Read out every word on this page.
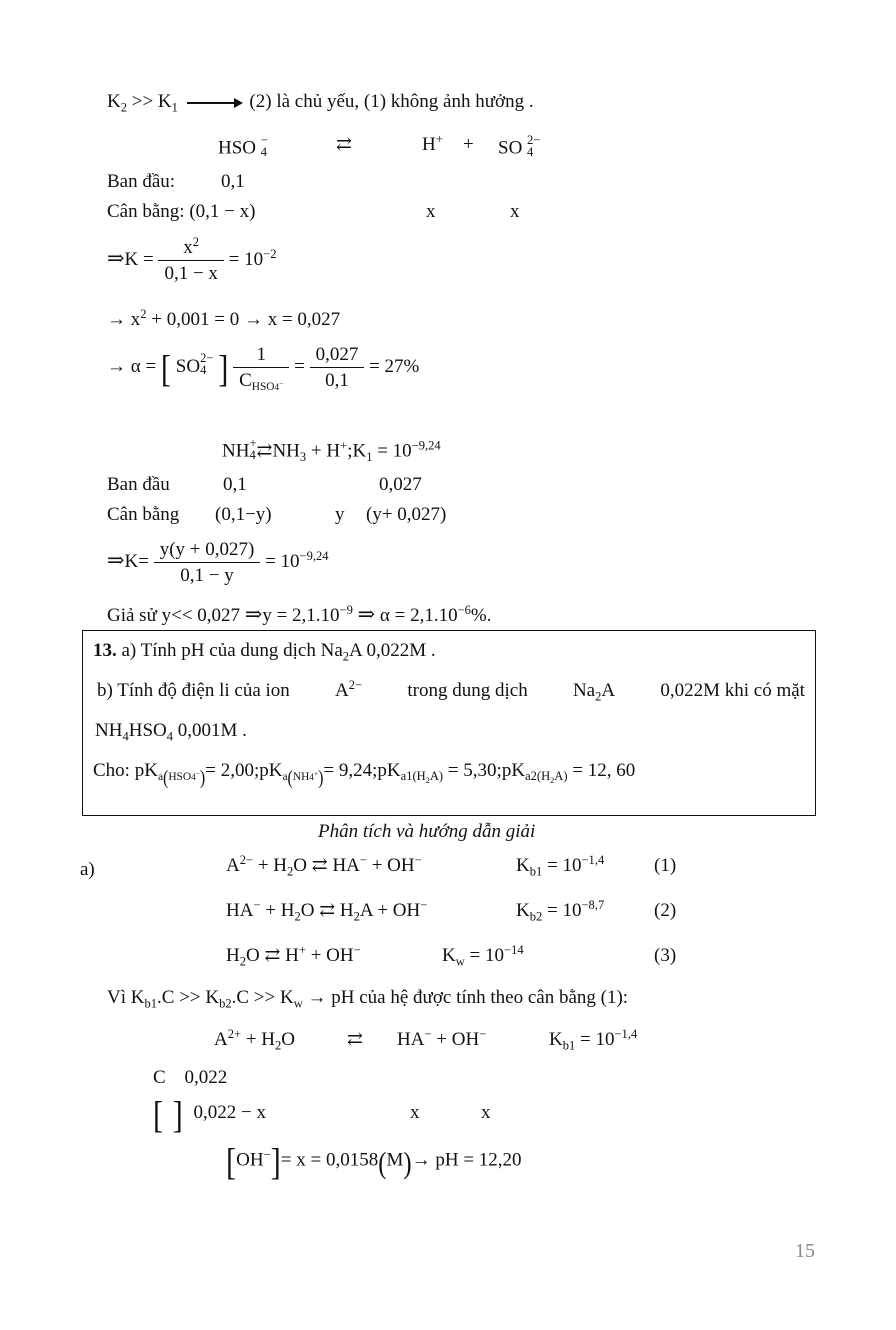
$K_2 >> K_1$	(2) là chủ yếu, (1) không ảnh hưởng .
HSO −
4	⇄	H+ + SO 2−
4
Ban đầu: 0,1
Cân bằng: (0,1 − x)	x	x
⇒K = $\frac{x^2}{0,1 - x} = 10^{-2}$
→ $x^2 + 0,001 = 0 \to x = 0,027$
→ α = [ SO 2−
4 ] $\frac{1}{C_{HSO4^-}} = \frac{0,027}{0,1} = 27\%$
NH +
4 $⇄NH_3$ + $H^+;K_1 = 10^{-9,24}$
Ban đầu	0,1	0,027
Cân bằng (0,1−y)	y (y+ 0,027)
⇒K= $\frac{y(y + 0,027)}{0,1 - y} = 10^{-9,24}$
Giả sử y<< 0,027 ⇒y = $2,1.10^{-9}$ ⇒ $\alpha = 2,1.10^{-6}\%$.
13. a) Tính pH của dung dịch $Na_2A$ 0,022M .
b) Tính độ điện li của ion $A^{2-}$ trong dung dịch $Na_2A$ 0,022M khi có mặt
$NH_4HSO_4$ 0,001M .
Cho: $pK_{a(HSO4^-)}=$ $2,00;pK_{a(NH4^+)}=$ $9,24;pK_{a1(H_2A)}$ = $5,30;pK_{a2(H_2A)} = 12$, 60
Phân tích và hướng dẫn giải
a)	$A^{2-} + H_2O$ ⇄ HA− + OH−	$K_{b1} = 10^{-1,4}$	(1)
$HA^- + H_2O$ ⇄ $H_2A + OH^-$	$K_{b2} = 10^{-8,7}$	(2)
$H_2O$ ⇄ H+ + OH−	$K_w = 10^{-14}$	(3)
Vì $K_{b1}.C >> K_{b2}.C >> K_w$ → pH của hệ được tính theo cân bằng (1):
$A^{2+} + H_2O$	⇄ HA− + OH−	$K_{b1} = 10^{-1,4}$
C 0,022
[ ] 0,022 − x	x	x
[OH−]= x = 0,0158(M)→ pH = 12,20
15
